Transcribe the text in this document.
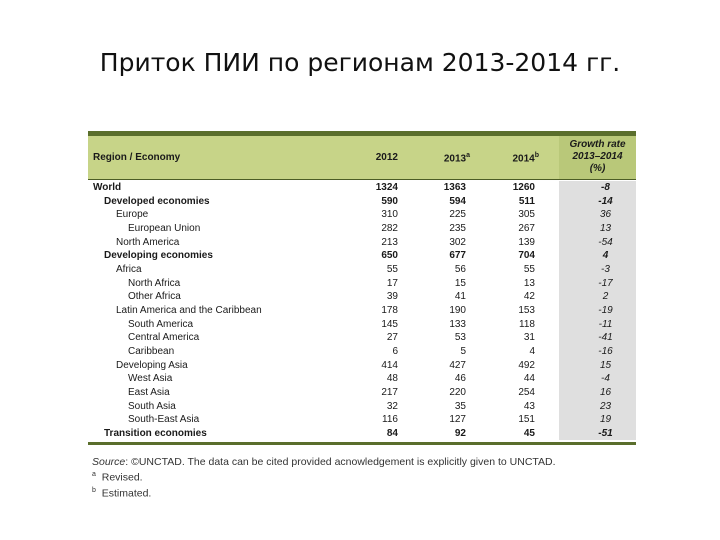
Приток ПИИ по регионам 2013-2014 гг.
Region / Economy	2012	2013$^a$	2014$^b$
Growth rate
2013–2014
(%)
World	1324	1363	1260	-8
Developed economies	590	594	511	-14
Europe	310	225	305	36
European Union	282	235	267	13
North America	213	302	139	-54
Developing economies	650	677	704	4
Africa	55	56	55	-3
North Africa	17	15	13	-17
Other Africa	39	41	42	2
Latin America and the Caribbean	178	190	153	-19
South America	145	133	118	-11
Central America	27	53	31	-41
Caribbean	6	5	4	-16
Developing Asia	414	427	492	15
West Asia	48	46	44	-4
East Asia	217	220	254	16
South Asia	32	35	43	23
South-East Asia	116	127	151	19
Transition economies	84	92	45	-51
Source: ©UNCTAD. The data can be cited provided acnowledgement is explicitly given to UNCTAD.
$^a$ Revised.
$^b$ Estimated.
